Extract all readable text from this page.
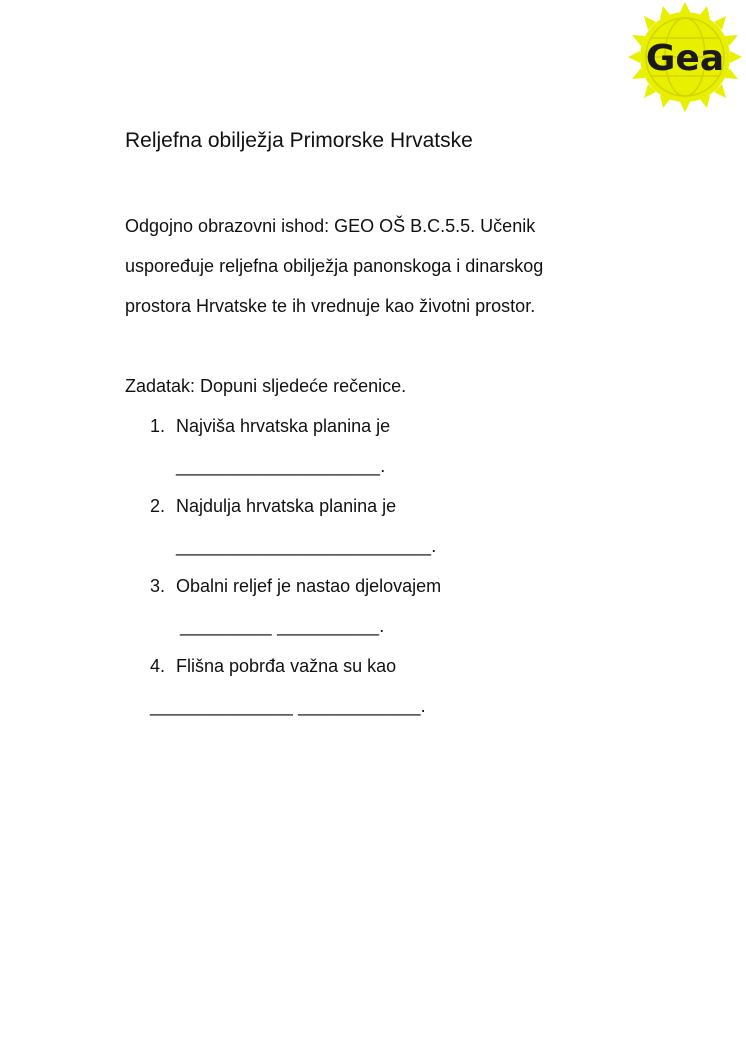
Gea
Reljefna obilježja Primorske Hrvatske
Odgojno obrazovni ishod: GEO OŠ B.C.5.5. Učenik
uspoređuje reljefna obilježja panonskoga i dinarskog
prostora Hrvatske te ih vrednuje kao životni prostor.
Zadatak: Dopuni sljedeće rečenice.
1. Najviša hrvatska planina je
____________________.
2. Najdulja hrvatska planina je
_________________________.
3. Obalni reljef je nastao djelovajem
_________ __________.
4. Flišna pobrđa važna su kao
______________ ____________.
